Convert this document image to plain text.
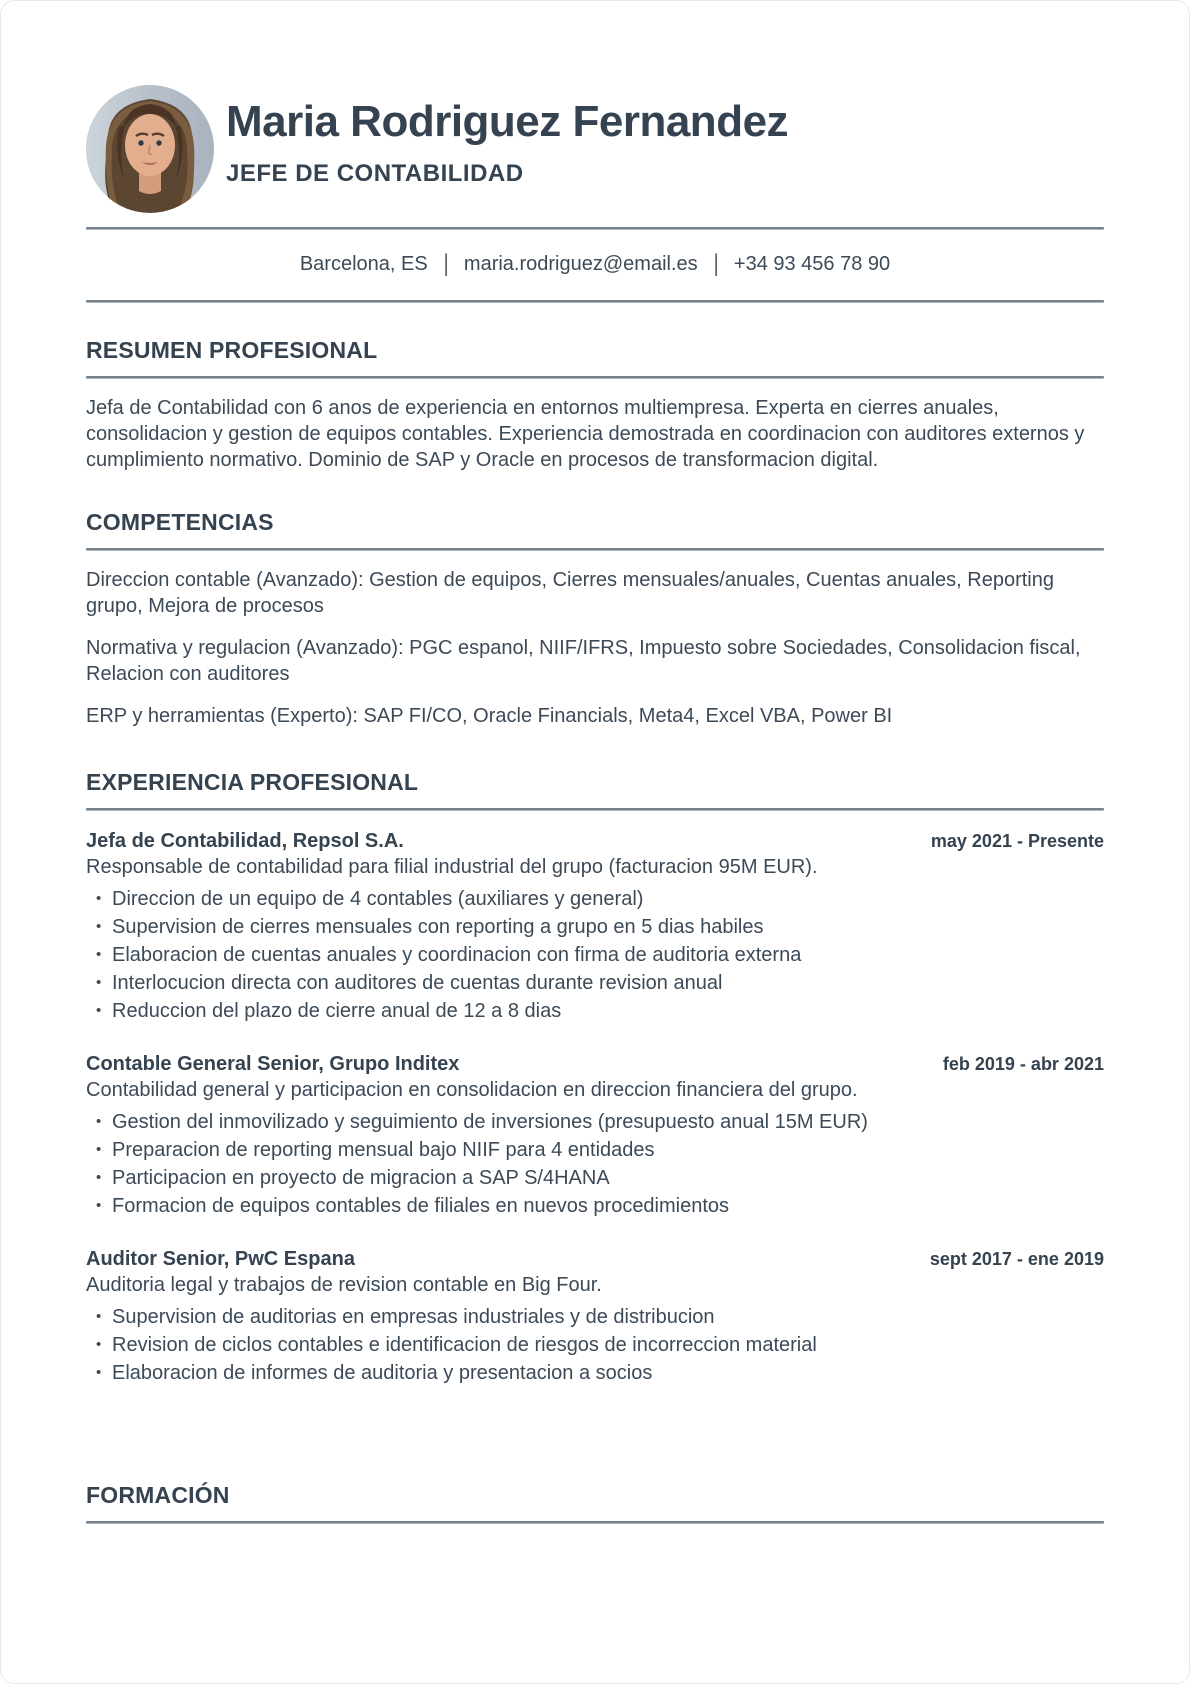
Maria Rodriguez Fernandez
JEFE DE CONTABILIDAD
Barcelona, ES | maria.rodriguez@email.es | +34 93 456 78 90
RESUMEN PROFESIONAL

Jefa de Contabilidad con 6 anos de experiencia en entornos multiempresa. Experta en cierres anuales, consolidacion y gestion de equipos contables. Experiencia demostrada en coordinacion con auditores externos y cumplimiento normativo. Dominio de SAP y Oracle en procesos de transformacion digital.

COMPETENCIAS

Direccion contable (Avanzado): Gestion de equipos, Cierres mensuales/anuales, Cuentas anuales, Reporting grupo, Mejora de procesos

Normativa y regulacion (Avanzado): PGC espanol, NIIF/IFRS, Impuesto sobre Sociedades, Consolidacion fiscal, Relacion con auditores

ERP y herramientas (Experto): SAP FI/CO, Oracle Financials, Meta4, Excel VBA, Power BI

EXPERIENCIA PROFESIONAL
Jefa de Contabilidad, Repsol S.A.	may 2021 - Presente

Responsable de contabilidad para filial industrial del grupo (facturacion 95M EUR).

• Direccion de un equipo de 4 contables (auxiliares y general)
• Supervision de cierres mensuales con reporting a grupo en 5 dias habiles
• Elaboracion de cuentas anuales y coordinacion con firma de auditoria externa
• Interlocucion directa con auditores de cuentas durante revision anual
• Reduccion del plazo de cierre anual de 12 a 8 dias
Contable General Senior, Grupo Inditex	feb 2019 - abr 2021

Contabilidad general y participacion en consolidacion en direccion financiera del grupo.

• Gestion del inmovilizado y seguimiento de inversiones (presupuesto anual 15M EUR)
• Preparacion de reporting mensual bajo NIIF para 4 entidades
• Participacion en proyecto de migracion a SAP S/4HANA
• Formacion de equipos contables de filiales en nuevos procedimientos
Auditor Senior, PwC Espana	sept 2017 - ene 2019

Auditoria legal y trabajos de revision contable en Big Four.

• Supervision de auditorias en empresas industriales y de distribucion
• Revision de ciclos contables e identificacion de riesgos de incorreccion material
• Elaboracion de informes de auditoria y presentacion a socios
FORMACIÓN
